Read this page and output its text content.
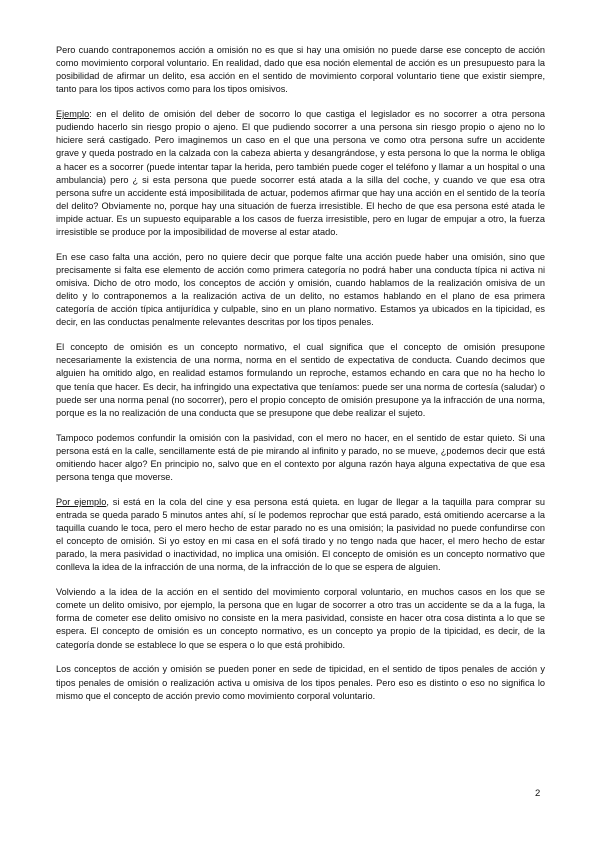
Pero cuando contraponemos acción a omisión no es que si hay una omisión no puede darse ese concepto de acción como movimiento corporal voluntario. En realidad, dado que esa noción elemental de acción es un presupuesto para la posibilidad de afirmar un delito, esa acción en el sentido de movimiento corporal voluntario tiene que existir siempre, tanto para los tipos activos como para los tipos omisivos.

Ejemplo: en el delito de omisión del deber de socorro lo que castiga el legislador es no socorrer a otra persona pudiendo hacerlo sin riesgo propio o ajeno. El que pudiendo socorrer a una persona sin riesgo propio o ajeno no lo hiciere será castigado. Pero imaginemos un caso en el que una persona ve como otra persona sufre un accidente grave y queda postrado en la calzada con la cabeza abierta y desangrándose, y esta persona lo que la norma le obliga a hacer es a socorrer (puede intentar tapar la herida, pero también puede coger el teléfono y llamar a un hospital o una ambulancia) pero ¿ si esta persona que puede socorrer está atada a la silla del coche, y cuando ve que esa otra persona sufre un accidente está imposibilitada de actuar, podemos afirmar que hay una acción en el sentido de la teoría del delito? Obviamente no, porque hay una situación de fuerza irresistible. El hecho de que esa persona esté atada le impide actuar. Es un supuesto equiparable a los casos de fuerza irresistible, pero en lugar de empujar a otro, la fuerza irresistible se produce por la imposibilidad de moverse al estar atado.

En ese caso falta una acción, pero no quiere decir que porque falte una acción puede haber una omisión, sino que precisamente si falta ese elemento de acción como primera categoría no podrá haber una conducta típica ni activa ni omisiva. Dicho de otro modo, los conceptos de acción y omisión, cuando hablamos de la realización omisiva de un delito y lo contraponemos a la realización activa de un delito, no estamos hablando en el plano de esa primera categoría de acción típica antijurídica y culpable, sino en un plano normativo. Estamos ya ubicados en la tipicidad, es decir, en las conductas penalmente relevantes descritas por los tipos penales.

El concepto de omisión es un concepto normativo, el cual significa que el concepto de omisión presupone necesariamente la existencia de una norma, norma en el sentido de expectativa de conducta. Cuando decimos que alguien ha omitido algo, en realidad estamos formulando un reproche, estamos echando en cara que no ha hecho lo que tenía que hacer. Es decir, ha infringido una expectativa que teníamos: puede ser una norma de cortesía (saludar) o puede ser una norma penal (no socorrer), pero el propio concepto de omisión presupone ya la infracción de una norma, porque es la no realización de una conducta que se presupone que debe realizar el sujeto.

Tampoco podemos confundir la omisión con la pasividad, con el mero no hacer, en el sentido de estar quieto. Si una persona está en la calle, sencillamente está de pie mirando al infinito y parado, no se mueve, ¿podemos decir que está omitiendo hacer algo? En principio no, salvo que en el contexto por alguna razón haya alguna expectativa de que esa persona tenga que moverse.

Por ejemplo, si está en la cola del cine y esa persona está quieta. en lugar de llegar a la taquilla para comprar su entrada se queda parado 5 minutos antes ahí, sí le podemos reprochar que está parado, está omitiendo acercarse a la taquilla cuando le toca, pero el mero hecho de estar parado no es una omisión; la pasividad no puede confundirse con el concepto de omisión. Si yo estoy en mi casa en el sofá tirado y no tengo nada que hacer, el mero hecho de estar parado, la mera pasividad o inactividad, no implica una omisión. El concepto de omisión es un concepto normativo que conlleva la idea de la infracción de una norma, de la infracción de lo que se espera de alguien.

Volviendo a la idea de la acción en el sentido del movimiento corporal voluntario, en muchos casos en los que se comete un delito omisivo, por ejemplo, la persona que en lugar de socorrer a otro tras un accidente se da a la fuga, la forma de cometer ese delito omisivo no consiste en la mera pasividad, consiste en hacer otra cosa distinta a lo que se espera. El concepto de omisión es un concepto normativo, es un concepto ya propio de la tipicidad, es decir, de la categoría donde se establece lo que se espera o lo que está prohibido.

Los conceptos de acción y omisión se pueden poner en sede de tipicidad, en el sentido de tipos penales de acción y tipos penales de omisión o realización activa u omisiva de los tipos penales. Pero eso es distinto o eso no significa lo mismo que el concepto de acción previo como movimiento corporal voluntario.

2
